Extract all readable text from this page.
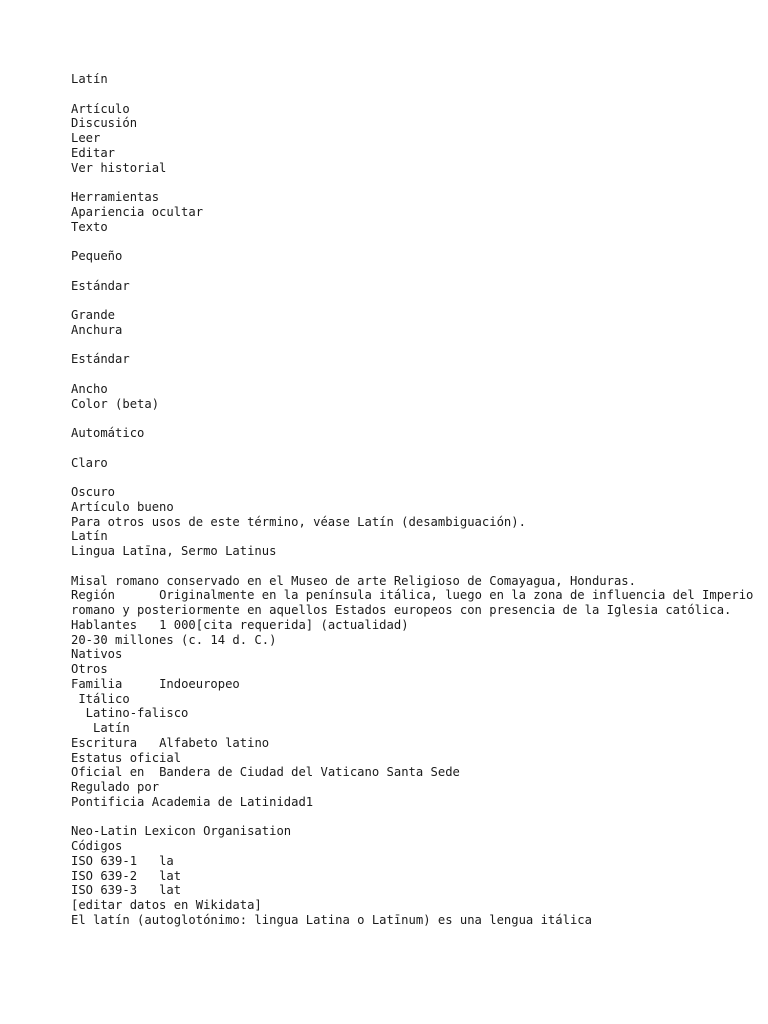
Latín
Artículo
Discusión
Leer
Editar
Ver historial
Herramientas
Apariencia ocultar
Texto
Pequeño
Estándar
Grande
Anchura
Estándar
Ancho
Color (beta)
Automático
Claro
Oscuro
Artículo bueno
Para otros usos de este término, véase Latín (desambiguación).
Latín
Lingua Latīna, Sermo Latinus
Misal romano conservado en el Museo de arte Religioso de Comayagua, Honduras.
Región	Originalmente en la península itálica, luego en la zona de influencia del Imperio romano y posteriormente en aquellos Estados europeos con presencia de la Iglesia católica.
Hablantes 1 000[cita requerida] (actualidad)
20-30 millones (c. 14 d. C.)
Nativos
Otros
Familia	Indoeuropeo
Itálico
Latino-falisco
Latín
Escritura Alfabeto latino
Estatus oficial
Oficial en Bandera de Ciudad del Vaticano Santa Sede
Regulado por
Pontificia Academia de Latinidad1
Neo-Latin Lexicon Organisation
Códigos
ISO 639-1 la
ISO 639-2 lat
ISO 639-3 lat
[editar datos en Wikidata]
El latín (autoglotónimo: lingua Latina o Latīnum) es una lengua itálica
